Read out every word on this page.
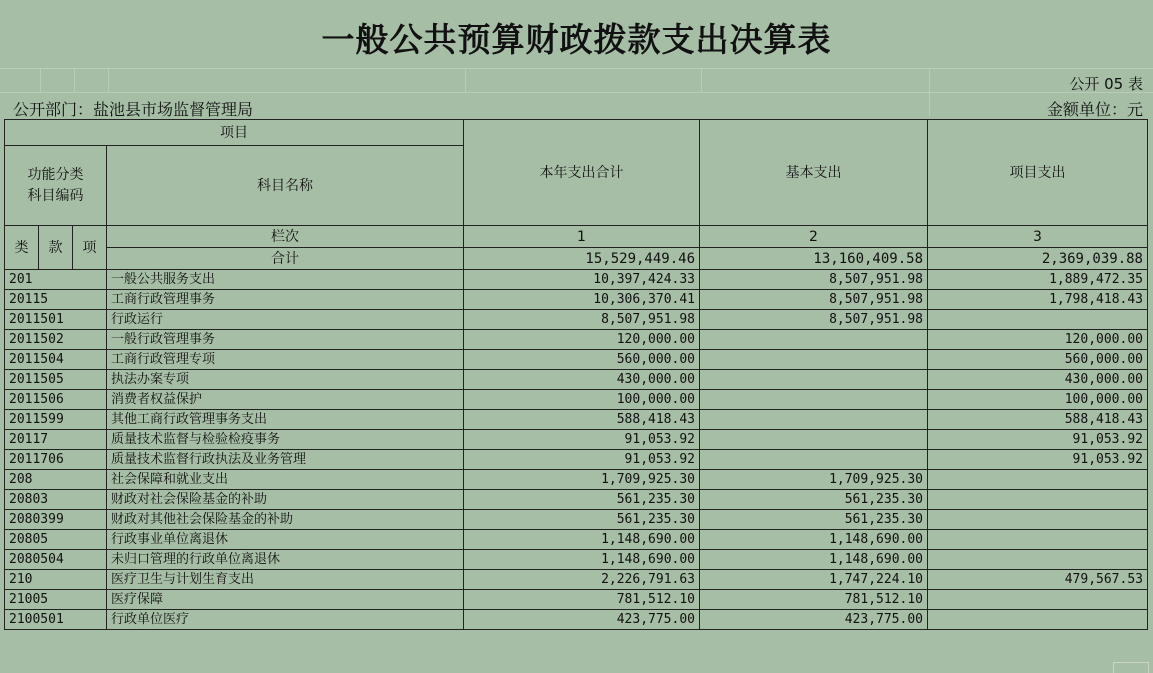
一般公共预算财政拨款支出决算表
公开 05 表
公开部门：盐池县市场监督管理局	金额单位：元
项目				本年支出合计	基本支出	项目支出

功能分类
科目编码			科目名称			

类	款	项	栏次	1	2	3
			合计	15,529,449.46	13,160,409.58	2,369,039.88
201			一般公共服务支出	10,397,424.33	8,507,951.98	1,889,472.35
20115			工商行政管理事务	10,306,370.41	8,507,951.98	1,798,418.43
2011501			行政运行	8,507,951.98	8,507,951.98	
2011502			一般行政管理事务	120,000.00		120,000.00
2011504			工商行政管理专项	560,000.00		560,000.00
2011505			执法办案专项	430,000.00		430,000.00
2011506			消费者权益保护	100,000.00		100,000.00
2011599			其他工商行政管理事务支出	588,418.43		588,418.43
20117			质量技术监督与检验检疫事务	91,053.92		91,053.92
2011706			质量技术监督行政执法及业务管理	91,053.92		91,053.92
208			社会保障和就业支出	1,709,925.30	1,709,925.30	
20803			财政对社会保险基金的补助	561,235.30	561,235.30	
2080399			财政对其他社会保险基金的补助	561,235.30	561,235.30	
20805			行政事业单位离退休	1,148,690.00	1,148,690.00	
2080504			未归口管理的行政单位离退休	1,148,690.00	1,148,690.00	
210			医疗卫生与计划生育支出	2,226,791.63	1,747,224.10	479,567.53
21005			医疗保障	781,512.10	781,512.10	
2100501			行政单位医疗	423,775.00	423,775.00	
